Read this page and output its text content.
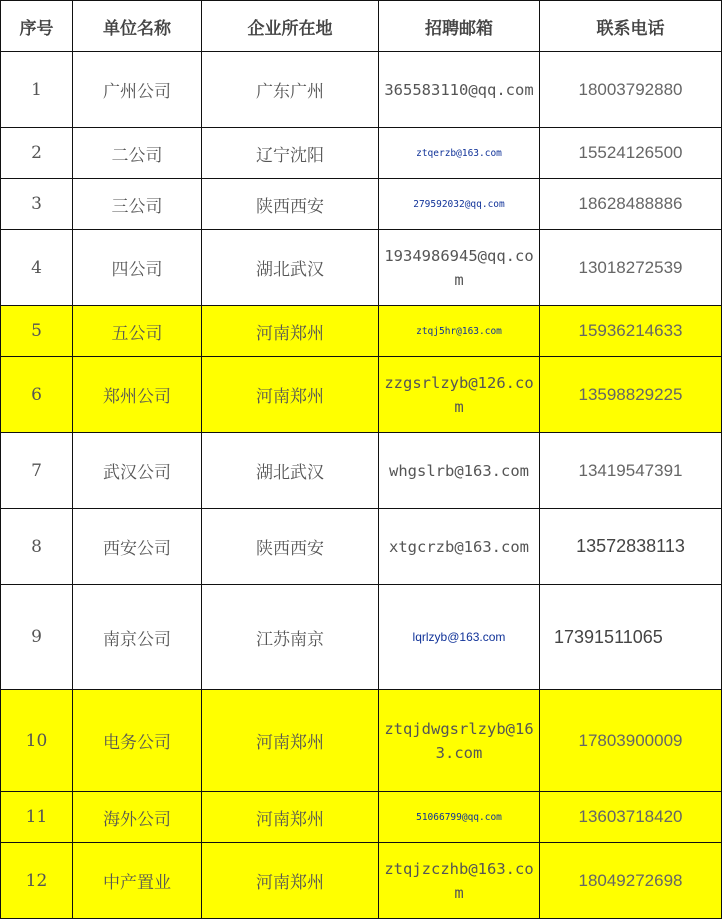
序号	单位名称	企业所在地	招聘邮箱	联系电话
1	广州公司	广东广州	365583110@qq.com	18003792880
2	二公司	辽宁沈阳	ztqerzb@163.com	15524126500
3	三公司	陕西西安	279592032@qq.com	18628488886
4	四公司	湖北武汉	1934986945@qq.com	13018272539
5	五公司	河南郑州	ztqj5hr@163.com	15936214633
6	郑州公司	河南郑州	zzgsrlzyb@126.com	13598829225
7	武汉公司	湖北武汉	whgslrb@163.com	13419547391
8	西安公司	陕西西安	xtgcrzb@163.com	13572838113
9	南京公司	江苏南京	lqrlzyb@163.com	17391511065
10	电务公司	河南郑州	ztqjdwgsrlzyb@163.com	17803900009
11	海外公司	河南郑州	51066799@qq.com	13603718420
12	中产置业	河南郑州	ztqjzczhb@163.com	18049272698
